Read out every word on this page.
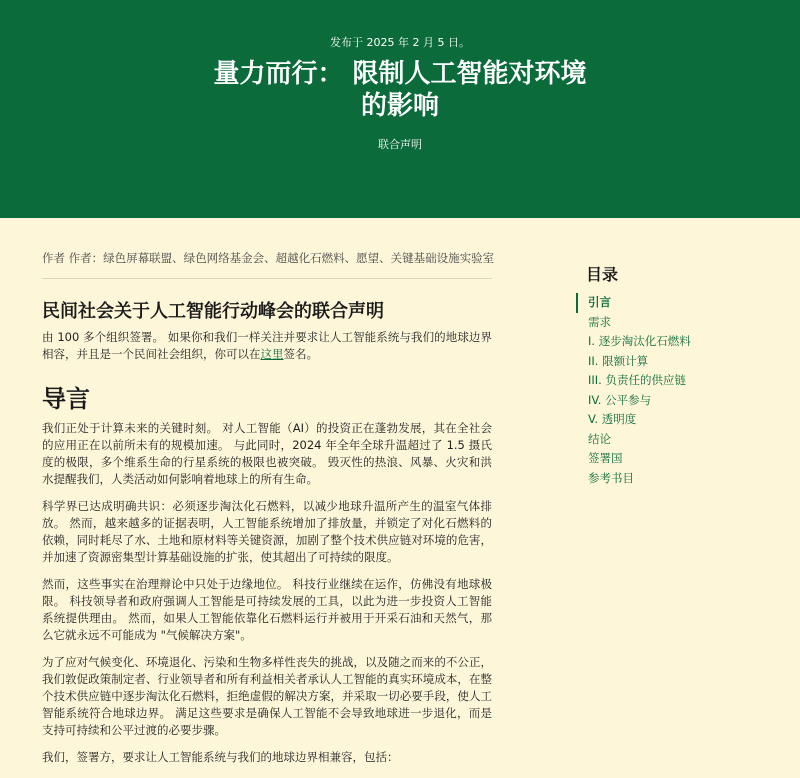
发布于 2025 年 2 月 5 日。
量力而行： 限制人工智能对环境的影响
联合声明
作者 作者：绿色屏幕联盟、绿色网络基金会、超越化石燃料、愿望、关键基础设施实验室
民间社会关于人工智能行动峰会的联合声明

由 100 多个组织签署。 如果你和我们一样关注并要求让人工智能系统与我们的地球边界相容，并且是一个民间社会组织，你可以在这里签名。

导言

我们正处于计算未来的关键时刻。 对人工智能（AI）的投资正在蓬勃发展，其在全社会的应用正在以前所未有的规模加速。 与此同时，2024 年全年全球升温超过了 1.5 摄氏度的极限，多个维系生命的行星系统的极限也被突破。 毁灭性的热浪、风暴、火灾和洪水提醒我们，人类活动如何影响着地球上的所有生命。

科学界已达成明确共识：必须逐步淘汰化石燃料，以减少地球升温所产生的温室气体排放。 然而，越来越多的证据表明，人工智能系统增加了排放量，并锁定了对化石燃料的依赖，同时耗尽了水、土地和原材料等关键资源，加剧了整个技术供应链对环境的危害，并加速了资源密集型计算基础设施的扩张，使其超出了可持续的限度。

然而，这些事实在治理辩论中只处于边缘地位。 科技行业继续在运作，仿佛没有地球极限。 科技领导者和政府强调人工智能是可持续发展的工具，以此为进一步投资人工智能系统提供理由。 然而，如果人工智能依靠化石燃料运行并被用于开采石油和天然气，那么它就永远不可能成为 "气候解决方案"。

为了应对气候变化、环境退化、污染和生物多样性丧失的挑战，以及随之而来的不公正，我们敦促政策制定者、行业领导者和所有利益相关者承认人工智能的真实环境成本，在整个技术供应链中逐步淘汰化石燃料，拒绝虚假的解决方案，并采取一切必要手段，使人工智能系统符合地球边界。 满足这些要求是确保人工智能不会导致地球进一步退化，而是支持可持续和公平过渡的必要步骤。

我们，签署方，要求让人工智能系统与我们的地球边界相兼容，包括：

目录
引言
需求
I. 逐步淘汰化石燃料
II. 限额计算
III. 负责任的供应链
IV. 公平参与
V. 透明度
结论
签署国
参考书目
